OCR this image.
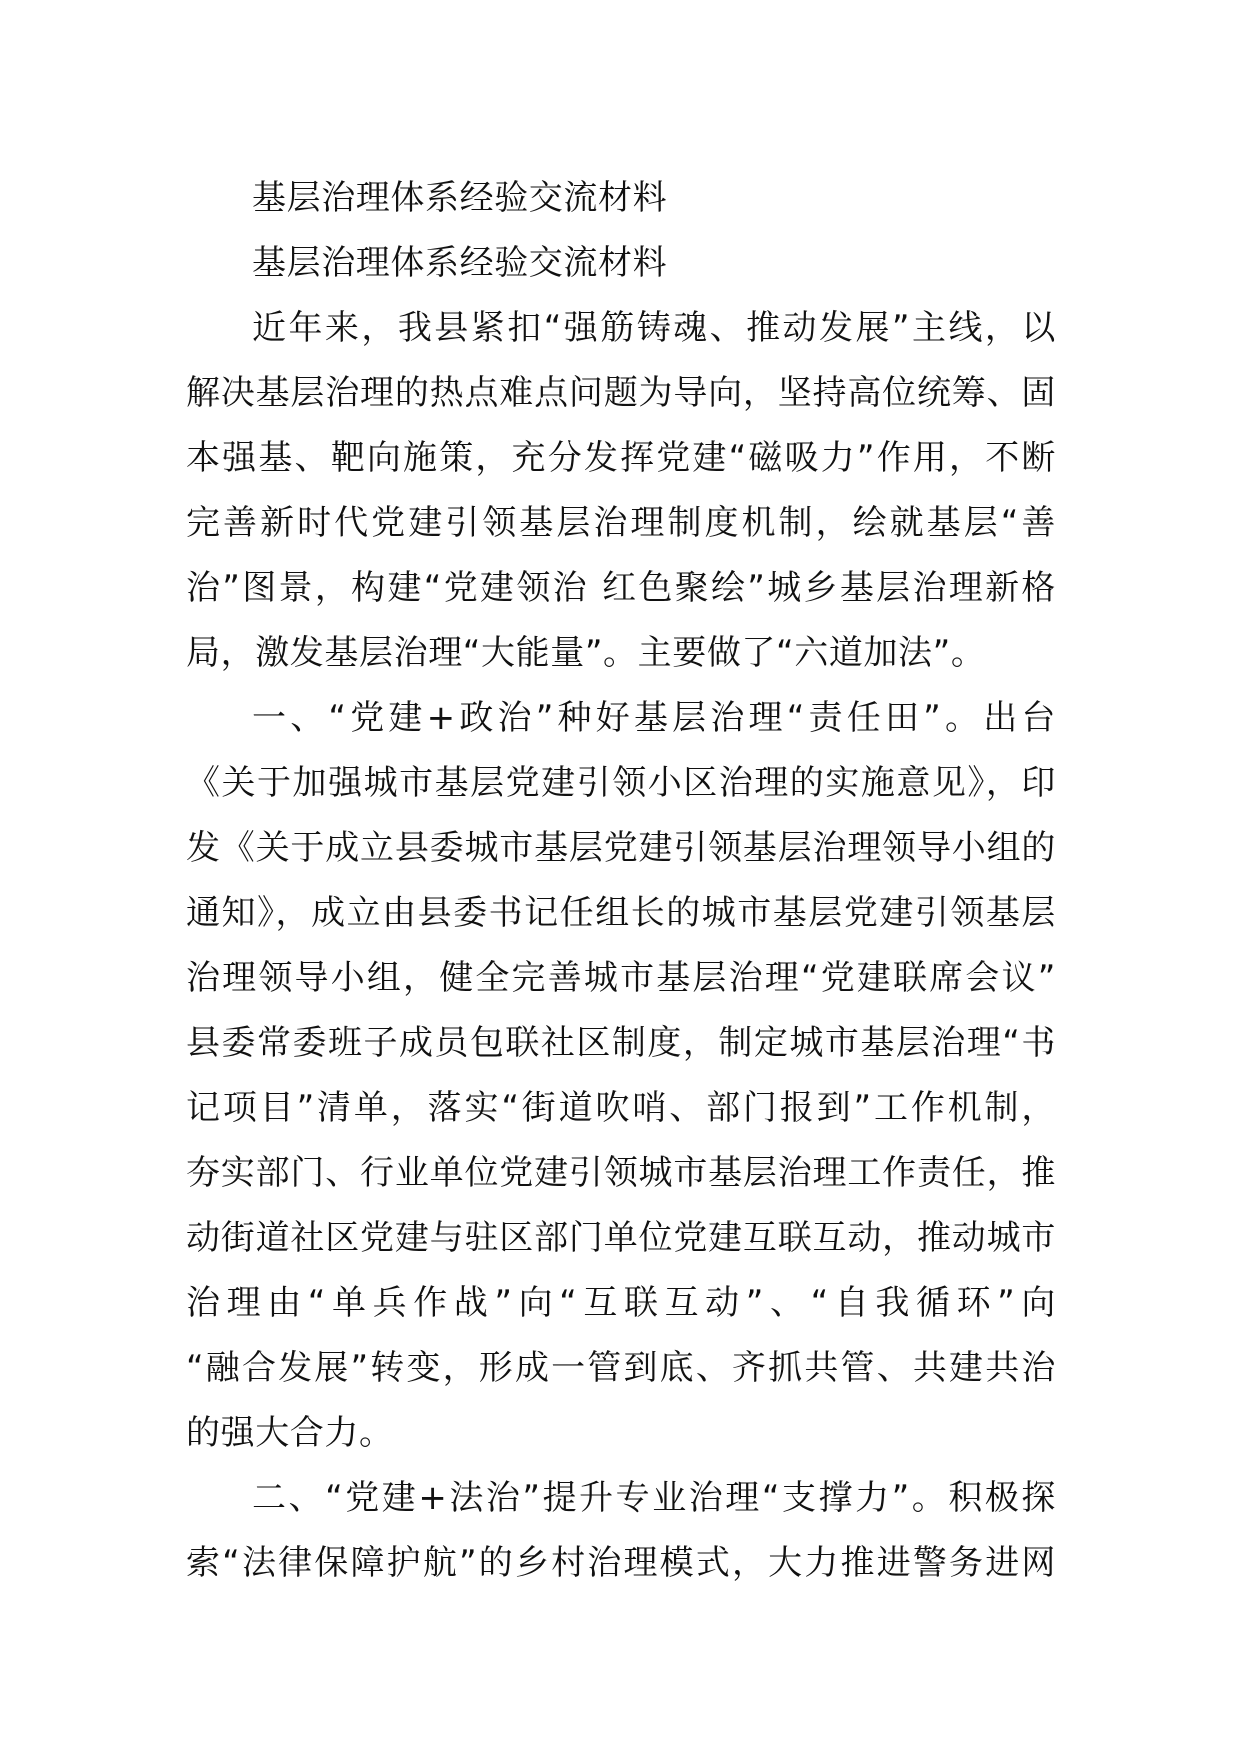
基层治理体系经验交流材料
基层治理体系经验交流材料
近年来，我县紧扣“强筋铸魂、推动发展”主线，以
解决基层治理的热点难点问题为导向，坚持高位统筹、固
本强基、靶向施策，充分发挥党建“磁吸力”作用，不断
完善新时代党建引领基层治理制度机制，绘就基层“善
治”图景，构建“党建领治 红色聚绘”城乡基层治理新格
局，激发基层治理“大能量”。主要做了“六道加法”。
一、“党建+政治”种好基层治理“责任田”。出台
《关于加强城市基层党建引领小区治理的实施意见》，印
发《关于成立县委城市基层党建引领基层治理领导小组的
通知》，成立由县委书记任组长的城市基层党建引领基层
治理领导小组，健全完善城市基层治理“党建联席会议”
县委常委班子成员包联社区制度，制定城市基层治理“书
记项目”清单，落实“街道吹哨、部门报到”工作机制，
夯实部门、行业单位党建引领城市基层治理工作责任，推
动街道社区党建与驻区部门单位党建互联互动，推动城市
治理由“单兵作战”向“互联互动”、“自我循环”向
“融合发展”转变，形成一管到底、齐抓共管、共建共治
的强大合力。
二、“党建+法治”提升专业治理“支撑力”。积极探
索“法律保障护航”的乡村治理模式，大力推进警务进网
